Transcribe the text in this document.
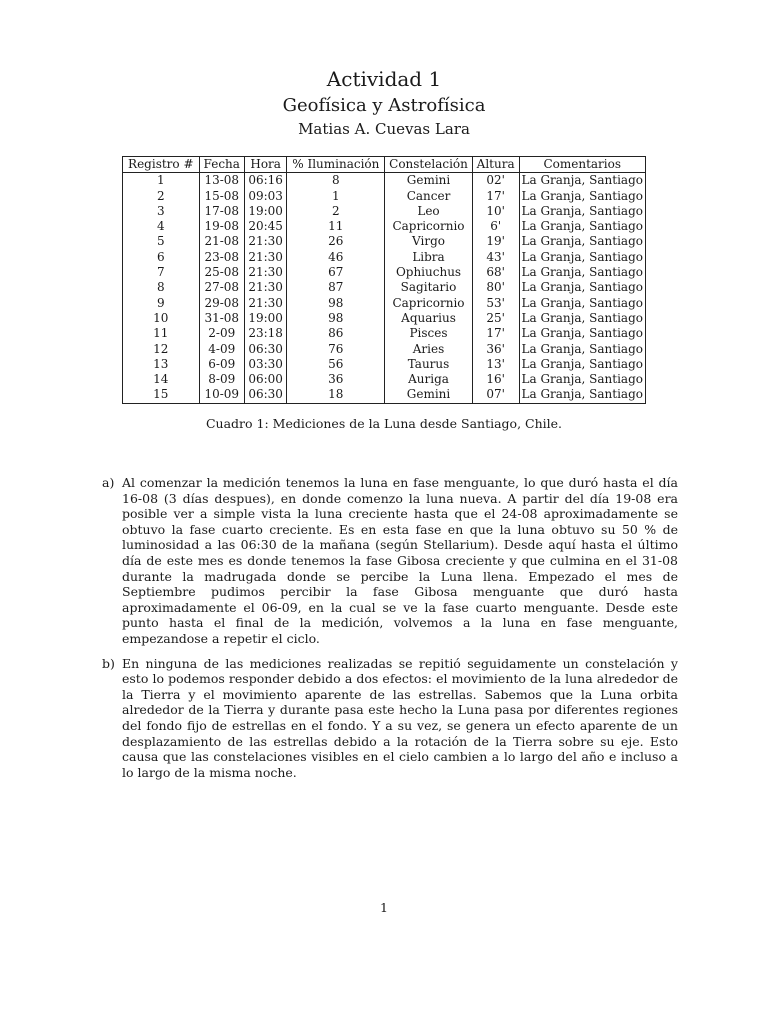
Actividad 1
Geofísica y Astrofísica
Matias A. Cuevas Lara
Registro #	Fecha	Hora	% Iluminación	Constelación	Altura	Comentarios
1	13-08	06:16	8	Gemini	02'	La Granja, Santiago
2	15-08	09:03	1	Cancer	17'	La Granja, Santiago
3	17-08	19:00	2	Leo	10'	La Granja, Santiago
4	19-08	20:45	11	Capricornio	6'	La Granja, Santiago
5	21-08	21:30	26	Virgo	19'	La Granja, Santiago
6	23-08	21:30	46	Libra	43'	La Granja, Santiago
7	25-08	21:30	67	Ophiuchus	68'	La Granja, Santiago
8	27-08	21:30	87	Sagitario	80'	La Granja, Santiago
9	29-08	21:30	98	Capricornio	53'	La Granja, Santiago
10	31-08	19:00	98	Aquarius	25'	La Granja, Santiago
11	2-09	23:18	86	Pisces	17'	La Granja, Santiago
12	4-09	06:30	76	Aries	36'	La Granja, Santiago
13	6-09	03:30	56	Taurus	13'	La Granja, Santiago
14	8-09	06:00	36	Auriga	16'	La Granja, Santiago
15	10-09	06:30	18	Gemini	07'	La Granja, Santiago
Cuadro 1: Mediciones de la Luna desde Santiago, Chile.
a) Al comenzar la medición tenemos la luna en fase menguante, lo que duró hasta el día 16-08 (3 días despues), en donde comenzo la luna nueva. A partir del día 19-08 era posible ver a simple vista la luna creciente hasta que el 24-08 aproximadamente se obtuvo la fase cuarto creciente. Es en esta fase en que la luna obtuvo su 50 % de luminosidad a las 06:30 de la mañana (según Stellarium). Desde aquí hasta el último día de este mes es donde tenemos la fase Gibosa creciente y que culmina en el 31-08 durante la madrugada donde se percibe la Luna llena. Empezado el mes de Septiembre pudimos percibir la fase Gibosa menguante que duró hasta aproximadamente el 06-09, en la cual se ve la fase cuarto menguante. Desde este punto hasta el final de la medición, volvemos a la luna en fase menguante, empezandose a repetir el ciclo.
b) En ninguna de las mediciones realizadas se repitió seguidamente un constelación y esto lo podemos responder debido a dos efectos: el movimiento de la luna alrededor de la Tierra y el movimiento aparente de las estrellas. Sabemos que la Luna orbita alrededor de la Tierra y durante pasa este hecho la Luna pasa por diferentes regiones del fondo fijo de estrellas en el fondo. Y a su vez, se genera un efecto aparente de un desplazamiento de las estrellas debido a la rotación de la Tierra sobre su eje. Esto causa que las constelaciones visibles en el cielo cambien a lo largo del año e incluso a lo largo de la misma noche.
1
